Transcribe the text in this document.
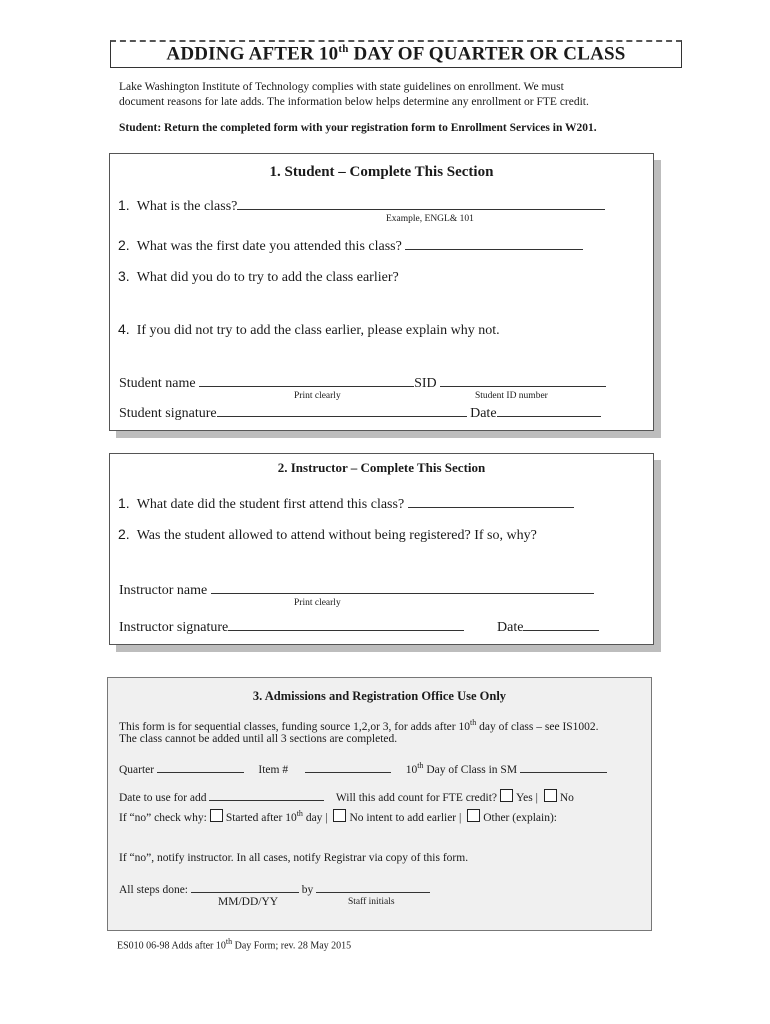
ADDING AFTER 10th DAY OF QUARTER OR CLASS
Lake Washington Institute of Technology complies with state guidelines on enrollment. We must
document reasons for late adds. The information below helps determine any enrollment or FTE credit.
Student: Return the completed form with your registration form to Enrollment Services in W201.
1. Student – Complete This Section
1. What is the class?
Example, ENGL& 101
2. What was the first date you attended this class?
3. What did you do to try to add the class earlier?
4. If you did not try to add the class earlier, please explain why not.
Student name	SID
Print clearly	Student ID number
Student signature	Date
2. Instructor – Complete This Section
1. What date did the student first attend this class?
2. Was the student allowed to attend without being registered? If so, why?
Instructor name
Print clearly
Instructor signature	Date
3. Admissions and Registration Office Use Only
This form is for sequential classes, funding source 1,2,or 3, for adds after 10th day of class – see IS1002.
The class cannot be added until all 3 sections are completed.
Quarter	Item #	10th Day of Class in SM
Date to use for add	Will this add count for FTE credit? Yes | No
If “no” check why: Started after 10th day | No intent to add earlier | Other (explain):
If “no”, notify instructor. In all cases, notify Registrar via copy of this form.
All steps done:	by
MM/DD/YY	Staff initials
ES010 06-98 Adds after 10th Day Form; rev. 28 May 2015
